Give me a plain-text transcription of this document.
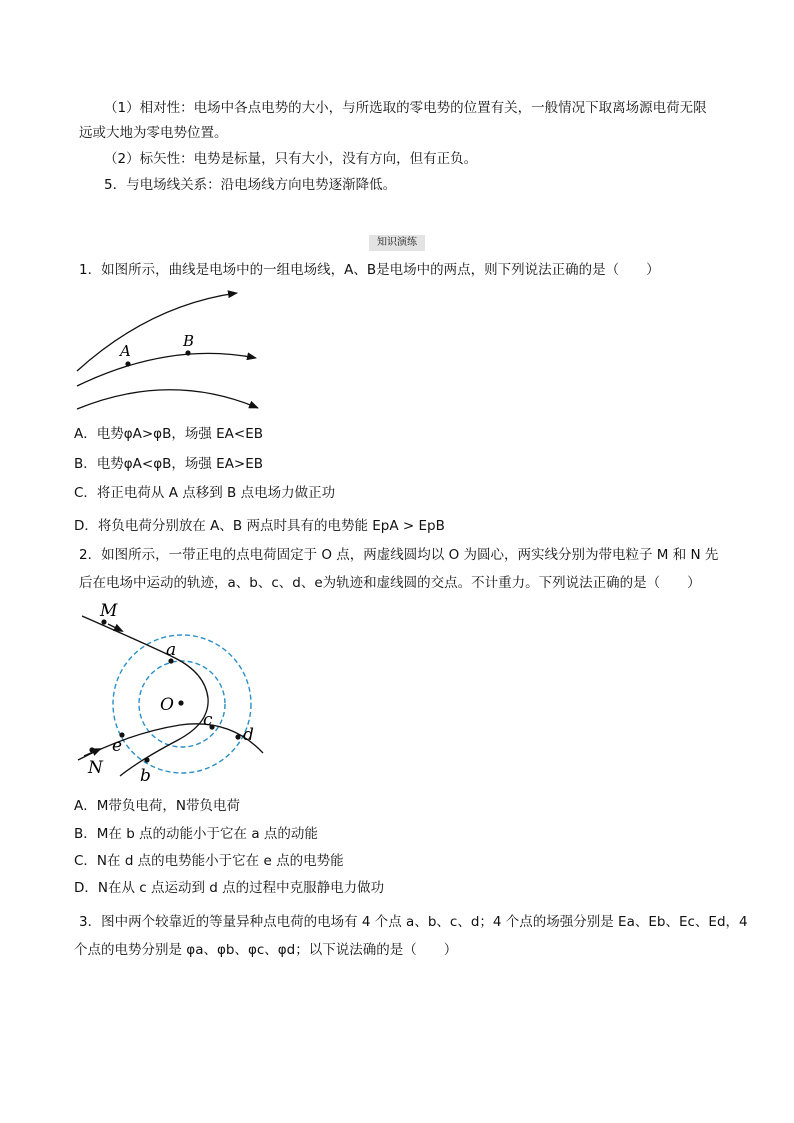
（1）相对性：电场中各点电势的大小，与所选取的零电势的位置有关，一般情况下取离场源电荷无限
远或大地为零电势位置。
（2）标矢性：电势是标量，只有大小，没有方向，但有正负。
5．与电场线关系：沿电场线方向电势逐渐降低。
知识演练
1．如图所示，曲线是电场中的一组电场线，A、B是电场中的两点，则下列说法正确的是（　　）
A
B
A．电势φA>φB，场强 EA<EB
B．电势φA<φB，场强 EA>EB
C．将正电荷从 A 点移到 B 点电场力做正功
D．将负电荷分别放在 A、B 两点时具有的电势能 EpA > EpB
2．如图所示，一带正电的点电荷固定于 O 点，两虚线圆均以 O 为圆心，两实线分别为带电粒子 M 和 N 先
后在电场中运动的轨迹，a、b、c、d、e为轨迹和虚线圆的交点。不计重力。下列说法正确的是（　　）
M
a
O
c
d
e
N b
A．M带负电荷，N带负电荷
B．M在 b 点的动能小于它在 a 点的动能
C．N在 d 点的电势能小于它在 e 点的电势能
D．N在从 c 点运动到 d 点的过程中克服静电力做功
3．图中两个较靠近的等量异种点电荷的电场有 4 个点 a、b、c、d；4 个点的场强分别是 Ea、Eb、Ec、Ed，4
个点的电势分别是 φa、φb、φc、φd；以下说法确的是（　　）
